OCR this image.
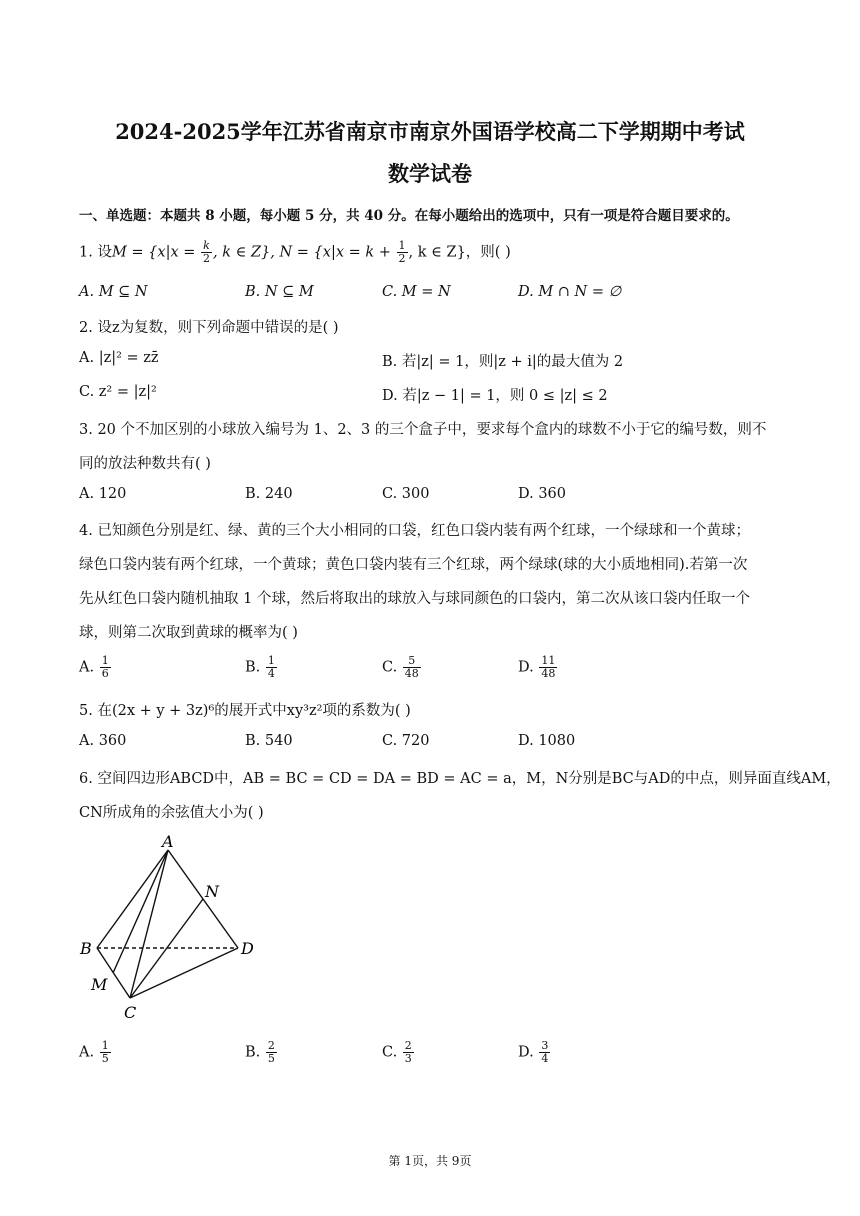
2024-2025学年江苏省南京市南京外国语学校高二下学期期中考试
数学试卷
一、单选题：本题共 8 小题，每小题 5 分，共 40 分。在每小题给出的选项中，只有一项是符合题目要求的。
1. 设$M = \{x|x = \frac{k}{2}$ , k ∈ Z}, $N = \{x|x = k + \frac{1}{2}$ , k ∈ Z}，则( )
A. M ⊆ N	B. N ⊆ M	C. M = N	D. M ∩ N = ∅
2. 设z为复数，则下列命题中错误的是( )
A. |z|² = zz̄	B. 若|z| = 1，则|z + i|的最大值为 2
C. z² = |z|²	D. 若|z − 1| = 1，则 0 ≤ |z| ≤ 2
3. 20 个不加区别的小球放入编号为 1、2、3 的三个盒子中，要求每个盒内的球数不小于它的编号数，则不
同的放法种数共有( )
A. 120	B. 240	C. 300	D. 360
4. 已知颜色分别是红、绿、黄的三个大小相同的口袋，红色口袋内装有两个红球，一个绿球和一个黄球；
绿色口袋内装有两个红球，一个黄球；黄色口袋内装有三个红球，两个绿球(球的大小质地相同).若第一次
先从红色口袋内随机抽取 1 个球，然后将取出的球放入与球同颜色的口袋内，第二次从该口袋内任取一个
球，则第二次取到黄球的概率为( )
A. $\frac{1}{6}$	B. $\frac{1}{4}$	C. $\frac{5}{48}$	D. $\frac{11}{48}$
5. 在(2x + y + 3z)⁶的展开式中xy³z²项的系数为( )
A. 360	B. 540	C. 720	D. 1080
6. 空间四边形ABCD中，AB = BC = CD = DA = BD = AC = a，M，N分别是BC与AD的中点，则异面直线AM，
CN所成角的余弦值大小为( )
A
B
C
D
M
N
A. $\frac{1}{5}$	B. $\frac{2}{5}$	C. $\frac{2}{3}$	D. $\frac{3}{4}$
第 1页，共 9页
